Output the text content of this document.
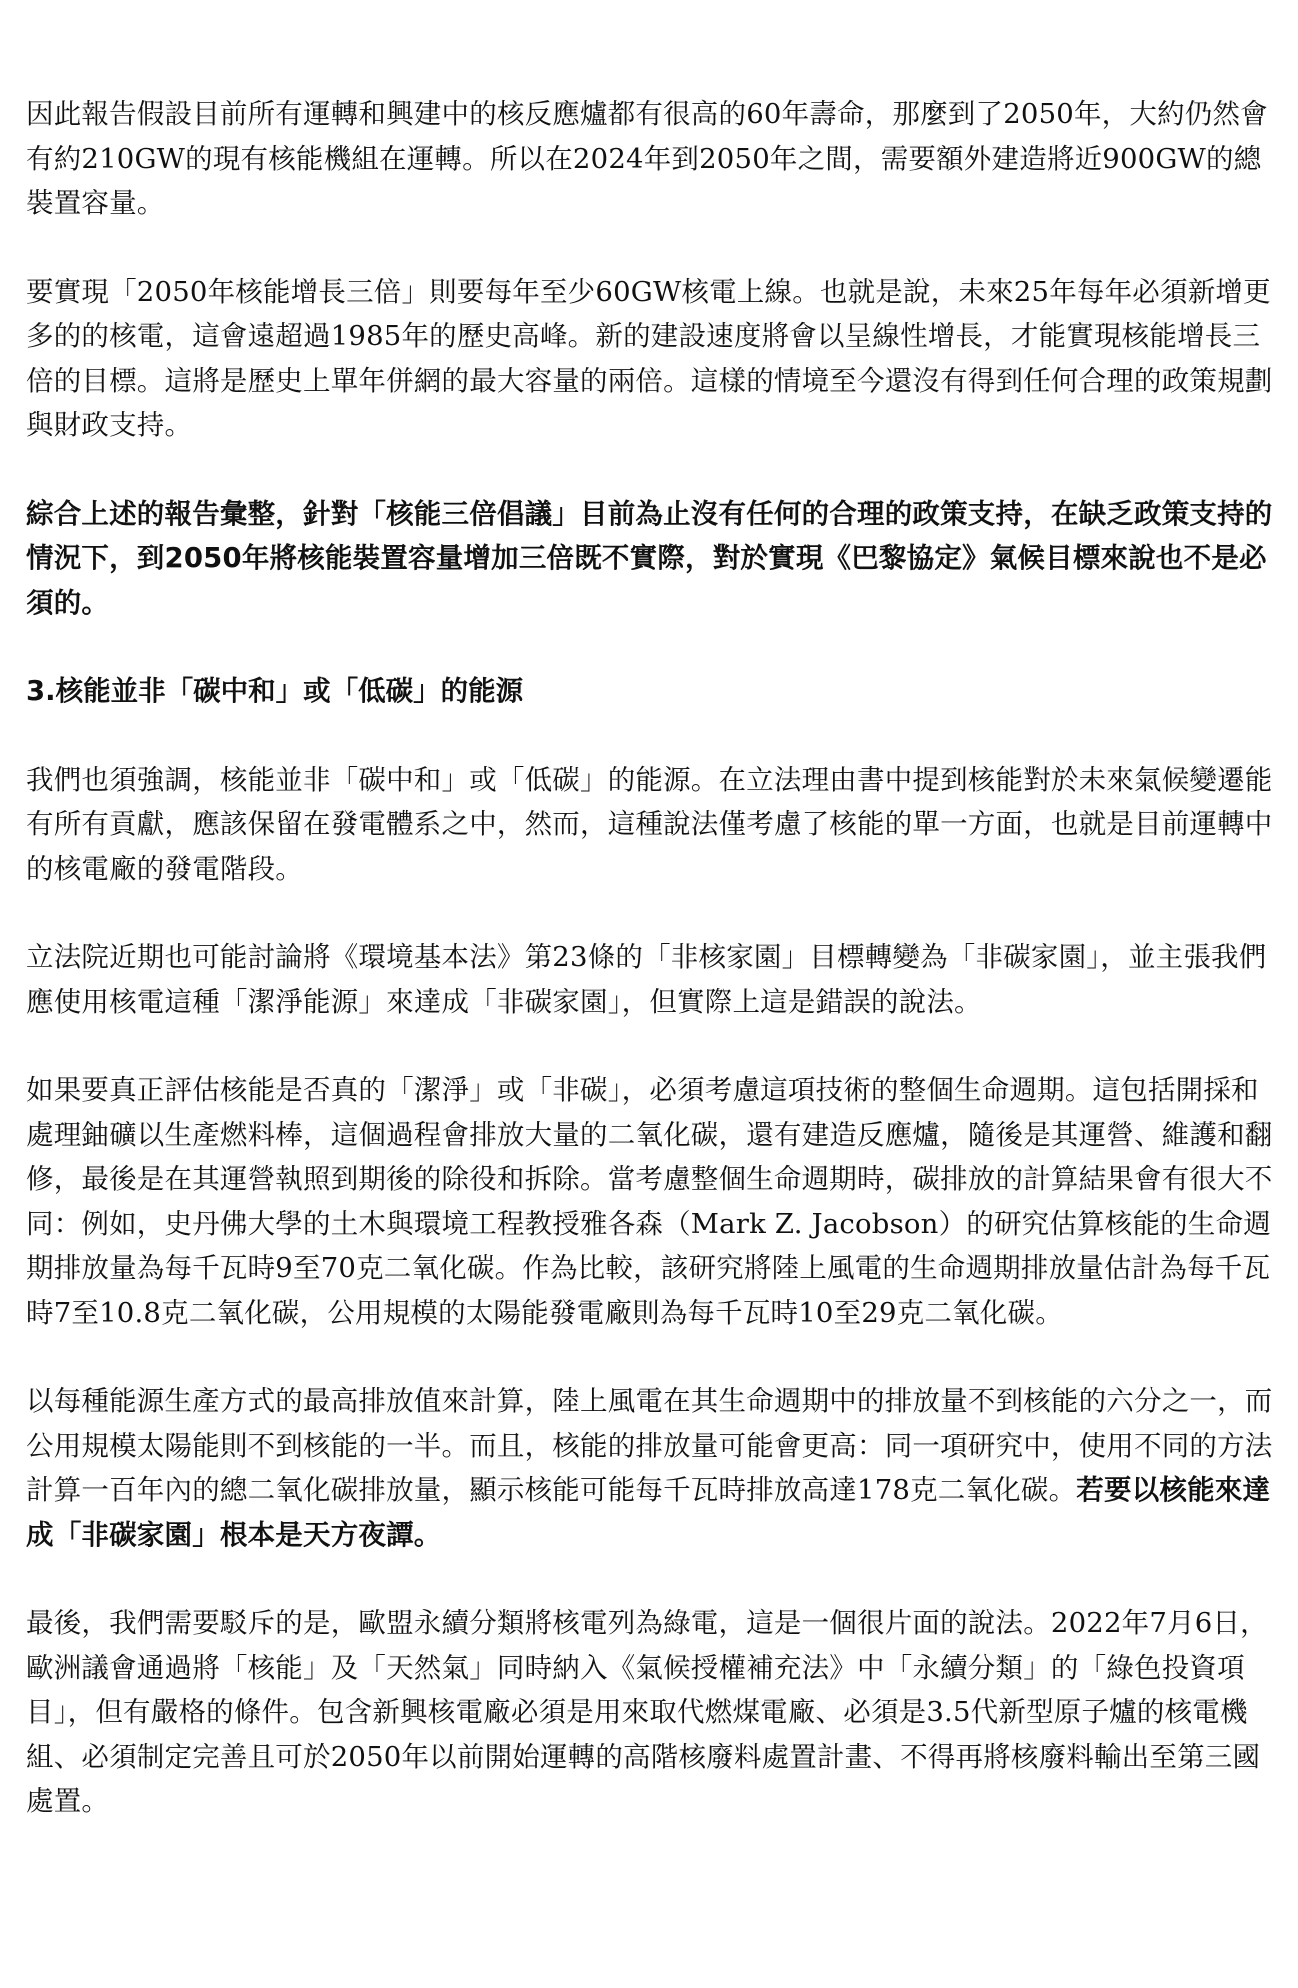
因此報告假設目前所有運轉和興建中的核反應爐都有很高的60年壽命，那麼到了2050年，大約仍然會有約210GW的現有核能機組在運轉。所以在2024年到2050年之間，需要額外建造將近900GW的總裝置容量。

要實現「2050年核能增長三倍」則要每年至少60GW核電上線。也就是說，未來25年每年必須新增更多的的核電，這會遠超過1985年的歷史高峰。新的建設速度將會以呈線性增長，才能實現核能增長三倍的目標。這將是歷史上單年併網的最大容量的兩倍。這樣的情境至今還沒有得到任何合理的政策規劃與財政支持。

綜合上述的報告彙整，針對「核能三倍倡議」目前為止沒有任何的合理的政策支持，在缺乏政策支持的情況下，到2050年將核能裝置容量增加三倍既不實際，對於實現《巴黎協定》氣候目標來說也不是必須的。

3.核能並非「碳中和」或「低碳」的能源

我們也須強調，核能並非「碳中和」或「低碳」的能源。在立法理由書中提到核能對於未來氣候變遷能有所有貢獻，應該保留在發電體系之中，然而，這種說法僅考慮了核能的單一方面，也就是目前運轉中的核電廠的發電階段。

立法院近期也可能討論將《環境基本法》第23條的「非核家園」目標轉變為「非碳家園」，並主張我們應使用核電這種「潔淨能源」來達成「非碳家園」，但實際上這是錯誤的說法。

如果要真正評估核能是否真的「潔淨」或「非碳」，必須考慮這項技術的整個生命週期。這包括開採和處理鈾礦以生產燃料棒，這個過程會排放大量的二氧化碳，還有建造反應爐，隨後是其運營、維護和翻修，最後是在其運營執照到期後的除役和拆除。當考慮整個生命週期時，碳排放的計算結果會有很大不同：例如，史丹佛大學的土木與環境工程教授雅各森（Mark Z. Jacobson）的研究估算核能的生命週期排放量為每千瓦時9至70克二氧化碳。作為比較，該研究將陸上風電的生命週期排放量估計為每千瓦時7至10.8克二氧化碳，公用規模的太陽能發電廠則為每千瓦時10至29克二氧化碳。

以每種能源生產方式的最高排放值來計算，陸上風電在其生命週期中的排放量不到核能的六分之一，而公用規模太陽能則不到核能的一半。而且，核能的排放量可能會更高：同一項研究中，使用不同的方法計算一百年內的總二氧化碳排放量，顯示核能可能每千瓦時排放高達178克二氧化碳。若要以核能來達成「非碳家園」根本是天方夜譚。

最後，我們需要駁斥的是，歐盟永續分類將核電列為綠電，這是一個很片面的說法。2022年7月6日，歐洲議會通過將「核能」及「天然氣」同時納入《氣候授權補充法》中「永續分類」的「綠色投資項目」，但有嚴格的條件。包含新興核電廠必須是用來取代燃煤電廠、必須是3.5代新型原子爐的核電機組、必須制定完善且可於2050年以前開始運轉的高階核廢料處置計畫、不得再將核廢料輸出至第三國處置。
